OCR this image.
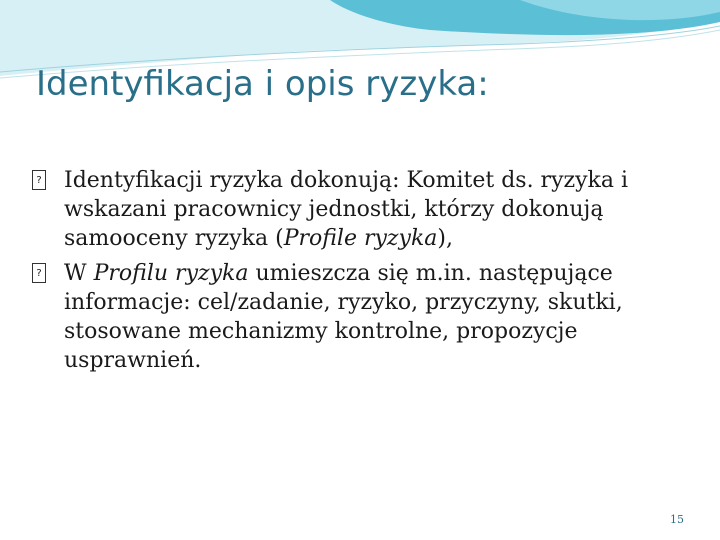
Identyfikacja i opis ryzyka:

? Identyfikacji ryzyka dokonują: Komitet ds. ryzyka i wskazani pracownicy jednostki, którzy dokonują samooceny ryzyka (Profile ryzyka),

? W Profilu ryzyka umieszcza się m.in. następujące informacje: cel/zadanie, ryzyko, przyczyny, skutki, stosowane mechanizmy kontrolne, propozycje usprawnień.

15
